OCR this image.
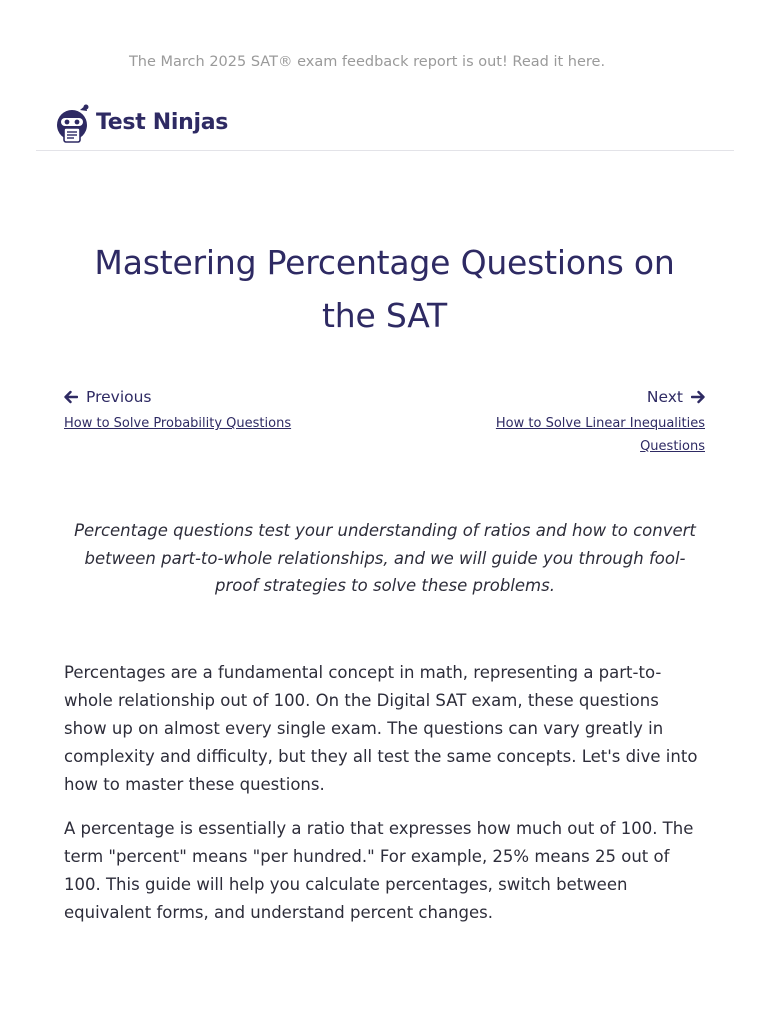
The March 2025 SAT® exam feedback report is out! Read it here.
Test Ninjas
Mastering Percentage Questions on the SAT
Previous
How to Solve Probability Questions
Next
How to Solve Linear Inequalities Questions

Percentage questions test your understanding of ratios and how to convert between part-to-whole relationships, and we will guide you through fool-proof strategies to solve these problems.

Percentages are a fundamental concept in math, representing a part-to-whole relationship out of 100. On the Digital SAT exam, these questions show up on almost every single exam. The questions can vary greatly in complexity and difficulty, but they all test the same concepts. Let's dive into how to master these questions.

A percentage is essentially a ratio that expresses how much out of 100. The term "percent" means "per hundred." For example, 25% means 25 out of 100. This guide will help you calculate percentages, switch between equivalent forms, and understand percent changes.
